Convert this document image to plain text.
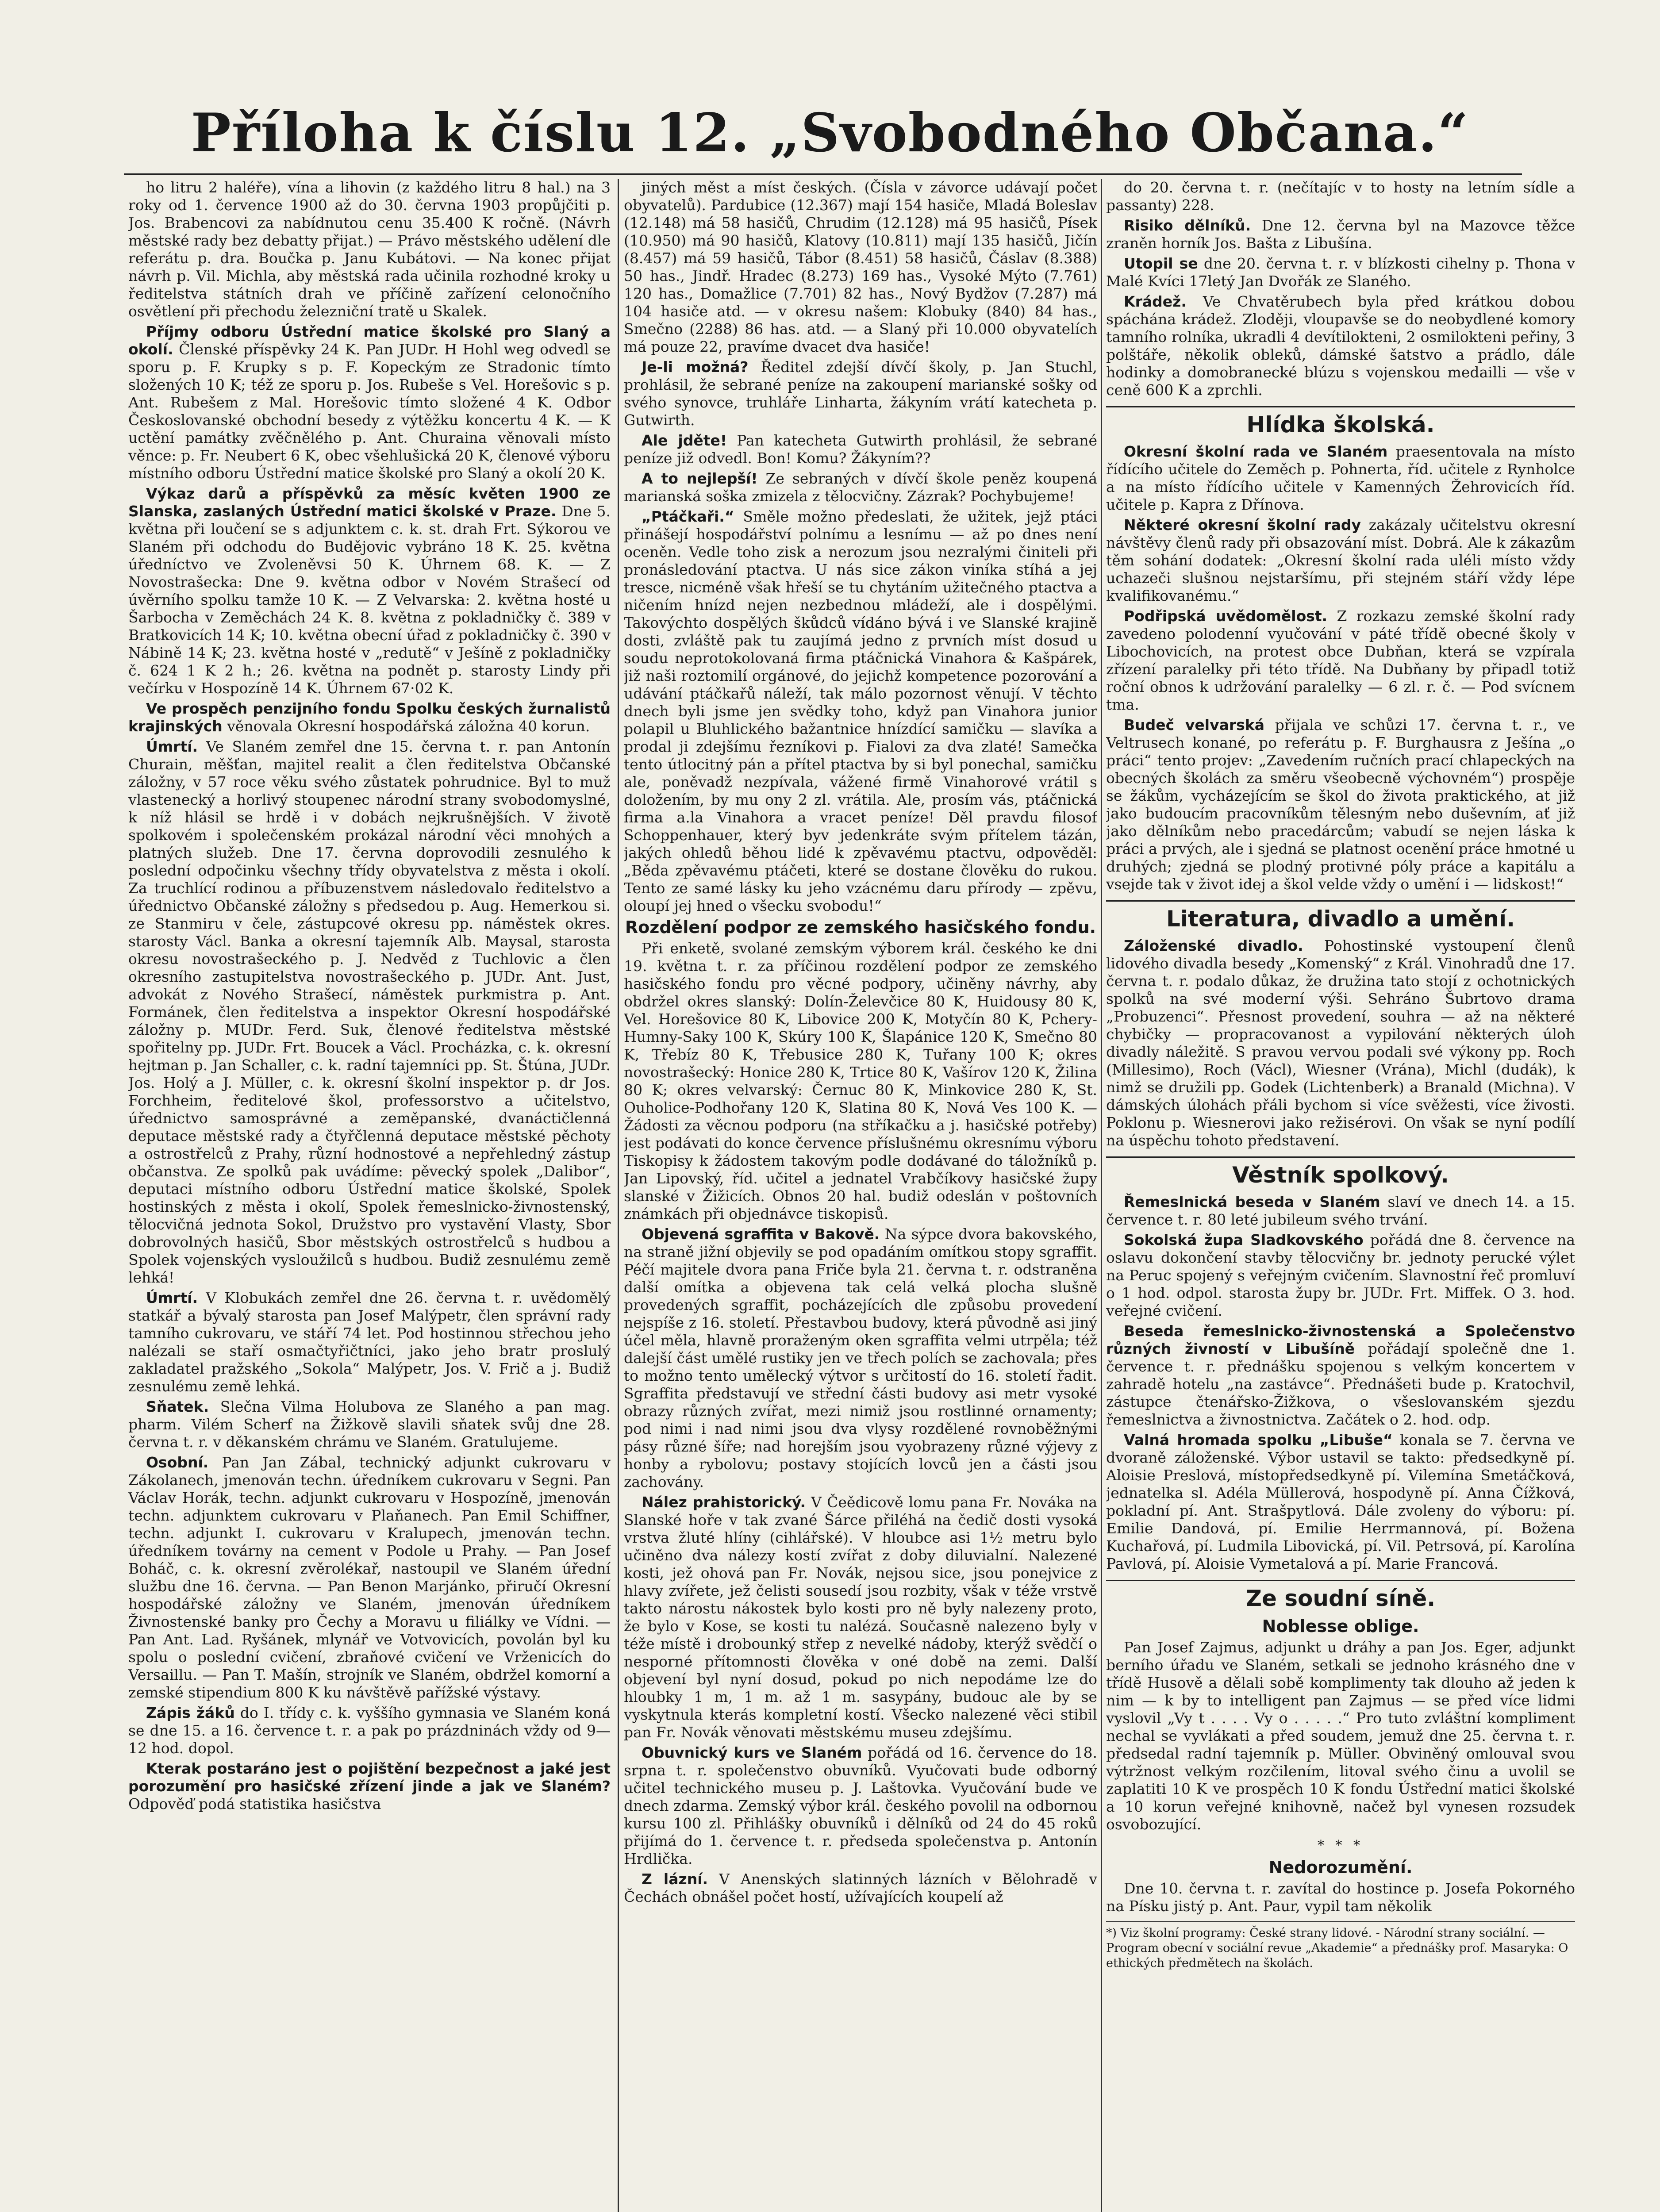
Příloha k číslu 12. „Svobodného Občana.“

ho litru 2 haléře), vína a lihovin (z každého litru 8 hal.) na 3 roky od 1. července 1900 až do 30. června 1903 propůjčiti p. Jos. Brabencovi za nabídnutou cenu 35.400 K ročně. (Návrh městské rady bez debatty přijat.) — Právo městského udělení dle referátu p. dra. Boučka p. Janu Kubátovi. — Na konec přijat návrh p. Vil. Michla, aby městská rada učinila rozhodné kroky u ředitelstva státních drah ve příčině zařízení celonočního osvětlení při přechodu železniční tratě u Skalek.

Příjmy odboru Ústřední matice školské pro Slaný a okolí. Členské příspěvky 24 K. Pan JUDr. H Hohl weg odvedl se sporu p. F. Krupky s p. F. Kopeckým ze Stradonic tímto složených 10 K; též ze sporu p. Jos. Rubeše s Vel. Horešovic s p. Ant. Rubešem z Mal. Horešovic tímto složené 4 K. Odbor Českoslovanské obchodní besedy z výtěžku koncertu 4 K. — K uctění památky zvěčnělého p. Ant. Churaina věnovali místo věnce: p. Fr. Neubert 6 K, obec všehlušická 20 K, členové výboru místního odboru Ústřední matice školské pro Slaný a okolí 20 K.

Výkaz darů a příspěvků za měsíc květen 1900 ze Slanska, zaslaných Ústřední matici školské v Praze. Dne 5. května při loučení se s adjunktem c. k. st. drah Frt. Sýkorou ve Slaném při odchodu do Budějovic vybráno 18 K. 25. května úředníctvo ve Zvoleněvsi 50 K. Úhrnem 68. K. — Z Novostrašecka: Dne 9. května odbor v Novém Strašecí od úvěrního spolku tamže 10 K. — Z Velvarska: 2. května hosté u Šarbocha v Zeměchách 24 K. 8. května z pokladničky č. 389 v Bratkovicích 14 K; 10. května obecní úřad z pokladničky č. 390 v Nábině 14 K; 23. května hosté v „redutě“ v Ješíně z pokladničky č. 624 1 K 2 h.; 26. května na podnět p. starosty Lindy při večírku v Hospozíně 14 K. Úhrnem 67·02 K.

Ve prospěch penzijního fondu Spolku českých žurnalistů krajinských věnovala Okresní hospodářská záložna 40 korun.

Úmrtí. Ve Slaném zemřel dne 15. června t. r. pan Antonín Churain, měšťan, majitel realit a člen ředitelstva Občanské záložny, v 57 roce věku svého zůstatek pohrudnice. Byl to muž vlastenecký a horlivý stoupenec národní strany svobodomyslné, k níž hlásil se hrdě i v dobách nejkrušnějších. V životě spolkovém i společenském prokázal národní věci mnohých a platných služeb. Dne 17. června doprovodili zesnulého k poslední odpočinku všechny třídy obyvatelstva z města i okolí. Za truchlící rodinou a příbuzenstvem následovalo ředitelstvo a úřednictvo Občanské záložny s předsedou p. Aug. Hemerkou si. ze Stanmiru v čele, zástupcové okresu pp. náměstek okres. starosty Václ. Banka a okresní tajemník Alb. Maysal, starosta okresu novostrašeckého p. J. Nedvěd z Tuchlovic a člen okresního zastupitelstva novostrašeckého p. JUDr. Ant. Just, advokát z Nového Strašecí, náměstek purkmistra p. Ant. Formánek, člen ředitelstva a inspektor Okresní hospodářské záložny p. MUDr. Ferd. Suk, členové ředitelstva městské spořitelny pp. JUDr. Frt. Boucek a Václ. Procházka, c. k. okresní hejtman p. Jan Schaller, c. k. radní tajemníci pp. St. Štúna, JUDr. Jos. Holý a J. Müller, c. k. okresní školní inspektor p. dr Jos. Forchheim, ředitelové škol, professorstvo a učitelstvo, úřednictvo samosprávné a zeměpanské, dvanáctičlenná deputace městské rady a čtyřčlenná deputace městské pěchoty a ostrostřelců z Prahy, různí hodnostové a nepřehledný zástup občanstva. Ze spolků pak uvádíme: pěvecký spolek „Dalibor“, deputaci místního odboru Ústřední matice školské, Spolek hostinských z města i okolí, Spolek řemeslnicko-živnostenský, tělocvičná jednota Sokol, Družstvo pro vystavění Vlasty, Sbor dobrovolných hasičů, Sbor městských ostrostřelců s hudbou a Spolek vojenských vysloužilců s hudbou. Budiž zesnulému země lehká!

Úmrtí. V Klobukách zemřel dne 26. června t. r. uvědomělý statkář a bývalý starosta pan Josef Malýpetr, člen správní rady tamního cukrovaru, ve stáří 74 let. Pod hostinnou střechou jeho nalézali se staří osmačtyřičtníci, jako jeho bratr proslulý zakladatel pražského „Sokola“ Malýpetr, Jos. V. Frič a j. Budiž zesnulému země lehká.

Sňatek. Slečna Vilma Holubova ze Slaného a pan mag. pharm. Vilém Scherf na Žižkově slavili sňatek svůj dne 28. června t. r. v děkanském chrámu ve Slaném. Gratulujeme.

Osobní. Pan Jan Zábal, technický adjunkt cukrovaru v Zákolanech, jmenován techn. úředníkem cukrovaru v Segni. Pan Václav Horák, techn. adjunkt cukrovaru v Hospozíně, jmenován techn. adjunktem cukrovaru v Plaňanech. Pan Emil Schiffner, techn. adjunkt I. cukrovaru v Kralupech, jmenován techn. úředníkem továrny na cement v Podole u Prahy. — Pan Josef Boháč, c. k. okresní zvěrolékař, nastoupil ve Slaném úřední službu dne 16. června. — Pan Benon Marjánko, přiručí Okresní hospodářské záložny ve Slaném, jmenován úředníkem Živnostenské banky pro Čechy a Moravu u filiálky ve Vídni. — Pan Ant. Lad. Ryšánek, mlynář ve Votvovicích, povolán byl ku spolu o poslední cvičení, zbraňové cvičení ve Vrženicích do Versaillu. — Pan T. Mašín, strojník ve Slaném, obdržel komorní a zemské stipendium 800 K ku návštěvě pařížské výstavy.

Zápis žáků do I. třídy c. k. vyššího gymnasia ve Slaném koná se dne 15. a 16. července t. r. a pak po prázdninách vždy od 9—12 hod. dopol.

Kterak postaráno jest o pojištění bezpečnost a jaké jest porozumění pro hasičské zřízení jinde a jak ve Slaném? Odpověď podá statistika hasičstva

jiných měst a míst českých. (Čísla v závorce udávají počet obyvatelů). Pardubice (12.367) mají 154 hasiče, Mladá Boleslav (12.148) má 58 hasičů, Chrudim (12.128) má 95 hasičů, Písek (10.950) má 90 hasičů, Klatovy (10.811) mají 135 hasičů, Jičín (8.457) má 59 hasičů, Tábor (8.451) 58 hasičů, Čáslav (8.388) 50 has., Jindř. Hradec (8.273) 169 has., Vysoké Mýto (7.761) 120 has., Domažlice (7.701) 82 has., Nový Bydžov (7.287) má 104 hasiče atd. — v okresu našem: Klobuky (840) 84 has., Smečno (2288) 86 has. atd. — a Slaný při 10.000 obyvatelích má pouze 22, pravíme dvacet dva hasiče!

Je-li možná? Ředitel zdejší dívčí školy, p. Jan Stuchl, prohlásil, že sebrané peníze na zakoupení marianské sošky od svého synovce, truhláře Linharta, žákyním vrátí katecheta p. Gutwirth.

Ale jděte! Pan katecheta Gutwirth prohlásil, že sebrané peníze již odvedl. Bon! Komu? Žákyním??

A to nejlepší! Ze sebraných v dívčí škole peněz koupená marianská soška zmizela z tělocvičny. Zázrak? Pochybujeme!

„Ptáčkaři.“ Směle možno předeslati, že užitek, jejž ptáci přinášejí hospodářství polnímu a lesnímu — až po dnes není oceněn. Vedle toho zisk a nerozum jsou nezralými činiteli při pronásledování ptactva. U nás sice zákon viníka stíhá a jej tresce, nicméně však hřeší se tu chytáním užitečného ptactva a ničením hnízd nejen nezbednou mládeží, ale i dospělými. Takovýchto dospělých škůdců vídáno bývá i ve Slanské krajině dosti, zvláště pak tu zaujímá jedno z prvních míst dosud u soudu neprotokolovaná firma ptáčnická Vinahora & Kašpárek, již naši roztomilí orgánové, do jejichž kompetence pozorování a udávání ptáčkařů náleží, tak málo pozornost věnují. V těchto dnech byli jsme jen svědky toho, když pan Vinahora junior polapil u Bluhlického bažantnice hnízdící samičku — slavíka a prodal ji zdejšímu řezníkovi p. Fialovi za dva zlaté! Samečka tento útlocitný pán a přítel ptactva by si byl ponechal, samičku ale, poněvadž nezpívala, vážené firmě Vinahorové vrátil s doložením, by mu ony 2 zl. vrátila. Ale, prosím vás, ptáčnická firma a.la Vinahora a vracet peníze! Děl pravdu filosof Schoppenhauer, který byv jedenkráte svým přítelem tázán, jakých ohledů běhou lidé k zpěvavému ptactvu, odpověděl: „Běda zpěvavému ptáčeti, které se dostane člověku do rukou. Tento ze samé lásky ku jeho vzácnému daru přírody — zpěvu, oloupí jej hned o všecku svobodu!“

Rozdělení podpor ze zemského hasičského fondu.

Při enketě, svolané zemským výborem král. českého ke dni 19. května t. r. za příčinou rozdělení podpor ze zemského hasičského fondu pro věcné podpory, učiněny návrhy, aby obdržel okres slanský: Dolín-Želevčice 80 K, Huidousy 80 K, Vel. Horešovice 80 K, Libovice 200 K, Motyčín 80 K, Pchery-Humny-Saky 100 K, Skúry 100 K, Šlapánice 120 K, Smečno 80 K, Třebíz 80 K, Třebusice 280 K, Tuřany 100 K; okres novostrašecký: Honice 280 K, Trtice 80 K, Vašírov 120 K, Žilina 80 K; okres velvarský: Černuc 80 K, Minkovice 280 K, St. Ouholice-Podhořany 120 K, Slatina 80 K, Nová Ves 100 K. — Žádosti za věcnou podporu (na stříkačku a j. hasičské potřeby) jest podávati do konce července příslušnému okresnímu výboru Tiskopisy k žádostem takovým podle dodávané do táložníků p. Jan Lipovský, říd. učitel a jednatel Vrabčíkovy hasičské župy slanské v Žižicích. Obnos 20 hal. budiž odeslán v poštovních známkách při objednávce tiskopisů.

Objevená sgraffita v Bakově. Na sýpce dvora bakovského, na straně jižní objevily se pod opadáním omítkou stopy sgraffit. Péčí majitele dvora pana Friče byla 21. června t. r. odstraněna další omítka a objevena tak celá velká plocha slušně provedených sgraffit, pocházejících dle způsobu provedení nejspíše z 16. století. Přestavbou budovy, která původně asi jiný účel měla, hlavně proraženým oken sgraffita velmi utrpěla; též dalejší část umělé rustiky jen ve třech polích se zachovala; přes to možno tento umělecký výtvor s určitostí do 16. století řadit. Sgraffita představují ve střední části budovy asi metr vysoké obrazy různých zvířat, mezi nimiž jsou rostlinné ornamenty; pod nimi i nad nimi jsou dva vlysy rozdělené rovnoběžnými pásy různé šíře; nad horejším jsou vyobrazeny různé výjevy z honby a rybolovu; postavy stojících lovců jen a části jsou zachovány.

Nález prahistorický. V Čeědicově lomu pana Fr. Nováka na Slanské hoře v tak zvané Šárce přiléhá na čedič dosti vysoká vrstva žluté hlíny (cihlářské). V hloubce asi 1½ metru bylo učiněno dva nálezy kostí zvířat z doby diluvialní. Nalezené kosti, jež ohová pan Fr. Novák, nejsou sice, jsou ponejvice z hlavy zvířete, jež čelisti sousedí jsou rozbity, však v téže vrstvě takto nárostu nákostek bylo kosti pro ně byly nalezeny proto, že bylo v Kose, se kosti tu nalézá. Současně nalezeno byly v téže místě i drobounký střep z nevelké nádoby, kterýž svědčí o nesporné přítomnosti člověka v oné době na zemi. Další objevení byl nyní dosud, pokud po nich nepodáme lze do hloubky 1 m, 1 m. až 1 m. sasypány, budouc ale by se vyskytnula kterás kompletní kostí. Všecko nalezené věci stibil pan Fr. Novák věnovati městskému museu zdejšímu.

Obuvnický kurs ve Slaném pořádá od 16. července do 18. srpna t. r. společenstvo obuvníků. Vyučovati bude odborný učitel technického museu p. J. Laštovka. Vyučování bude ve dnech zdarma. Zemský výbor král. českého povolil na odbornou kursu 100 zl. Přihlášky obuvníků i dělníků od 24 do 45 roků přijímá do 1. července t. r. předseda společenstva p. Antonín Hrdlička.

Z lázní. V Anenských slatinných lázních v Bělohradě v Čechách obnášel počet hostí, užívajících koupelí až

do 20. června t. r. (nečítajíc v to hosty na letním sídle a passanty) 228.

Risiko dělníků. Dne 12. června byl na Mazovce těžce zraněn horník Jos. Bašta z Libušína.

Utopil se dne 20. června t. r. v blízkosti cihelny p. Thona v Malé Kvíci 17letý Jan Dvořák ze Slaného.

Krádež. Ve Chvatěrubech byla před krátkou dobou spáchána krádež. Zloději, vloupavše se do neobydlené komory tamního rolníka, ukradli 4 devítilokteni, 2 osmilokteni peřiny, 3 polštáře, několik obleků, dámské šatstvo a prádlo, dále hodinky a domobranecké blúzu s vojenskou medailli — vše v ceně 600 K a zprchli.

Hlídka školská.

Okresní školní rada ve Slaném praesentovala na místo řídícího učitele do Zeměch p. Pohnerta, říd. učitele z Rynholce a na místo řídícího učitele v Kamenných Žehrovicích říd. učitele p. Kapra z Dřínova.

Některé okresní školní rady zakázaly učitelstvu okresní návštěvy členů rady při obsazování míst. Dobrá. Ale k zákazům těm sohání dodatek: „Okresní školní rada uléli místo vždy uchazeči slušnou nejstaršímu, při stejném stáří vždy lépe kvalifikovanému.“

Podřipská uvědomělost. Z rozkazu zemské školní rady zavedeno polodenní vyučování v páté třídě obecné školy v Libochovicích, na protest obce Dubňan, která se vzpírala zřízení paralelky při této třídě. Na Dubňany by připadl totiž roční obnos k udržování paralelky — 6 zl. r. č. — Pod svícnem tma.

Budeč velvarská přijala ve schůzi 17. června t. r., ve Veltrusech konané, po referátu p. F. Burghausra z Ješína „o práci“ tento projev: „Zavedením ručních prací chlapeckých na obecných školách za směru všeobecně výchovném“) prospěje se žákům, vycházejícím se škol do života praktického, at již jako budoucím pracovníkům tělesným nebo duševním, ať již jako dělníkům nebo pracedárcům; vabudí se nejen láska k práci a prvých, ale i sjedná se platnost ocenění práce hmotné u druhých; zjedná se plodný protivné póly práce a kapitálu a vsejde tak v život idej a škol velde vždy o umění i — lidskost!“

Literatura, divadlo a umění.

Záloženské divadlo. Pohostinské vystoupení členů lidového divadla besedy „Komenský“ z Král. Vinohradů dne 17. června t. r. podalo důkaz, že družina tato stojí z ochotnických spolků na své moderní výši. Sehráno Šubrtovo drama „Probuzenci“. Přesnost provedení, souhra — až na některé chybičky — propracovanost a vypilování některých úloh divadly náležitě. S pravou vervou podali své výkony pp. Roch (Millesimo), Roch (Václ), Wiesner (Vrána), Michl (dudák), k nimž se družili pp. Godek (Lichtenberk) a Branald (Michna). V dámských úlohách přáli bychom si více svěžesti, více živosti. Poklonu p. Wiesnerovi jako režisérovi. On však se nyní podílí na úspěchu tohoto představení.

Věstník spolkový.

Řemeslnická beseda v Slaném slaví ve dnech 14. a 15. července t. r. 80 leté jubileum svého trvání.

Sokolská župa Sladkovského pořádá dne 8. července na oslavu dokončení stavby tělocvičny br. jednoty perucké výlet na Peruc spojený s veřejným cvičením. Slavnostní řeč promluví o 1 hod. odpol. starosta župy br. JUDr. Frt. Miffek. O 3. hod. veřejné cvičení.

Beseda řemeslnicko-živnostenská a Společenstvo různých živností v Libušíně pořádají společně dne 1. července t. r. přednášku spojenou s velkým koncertem v zahradě hotelu „na zastávce“. Přednášeti bude p. Kratochvil, zástupce čtenářsko-Žižkova, o všeslovanském sjezdu řemeslnictva a živnostnictva. Začátek o 2. hod. odp.

Valná hromada spolku „Libuše“ konala se 7. června ve dvoraně záloženské. Výbor ustavil se takto: předsedkyně pí. Aloisie Preslová, místopředsedkyně pí. Vilemína Smetáčková, jednatelka sl. Adéla Müllerová, hospodyně pí. Anna Čížková, pokladní pí. Ant. Strašpytlová. Dále zvoleny do výboru: pí. Emilie Dandová, pí. Emilie Herrmannová, pí. Božena Kuchařová, pí. Ludmila Libovická, pí. Vil. Petrsová, pí. Karolína Pavlová, pí. Aloisie Vymetalová a pí. Marie Francová.

Ze soudní síně.
Noblesse oblige.

Pan Josef Zajmus, adjunkt u dráhy a pan Jos. Eger, adjunkt berního úřadu ve Slaném, setkali se jednoho krásného dne v třídě Husově a dělali sobě komplimenty tak dlouho až jeden k nim — k by to intelligent pan Zajmus — se před více lidmi vyslovil „Vy t . . . . Vy o . . . . .“ Pro tuto zvláštní kompliment nechal se vyvlákati a před soudem, jemuž dne 25. června t. r. předsedal radní tajemník p. Müller. Obviněný omlouval svou výtržnost velkým rozčilením, litoval svého činu a uvolil se zaplatiti 10 K ve prospěch 10 K fondu Ústřední matici školské a 10 korun veřejné knihovně, načež byl vynesen rozsudek osvobozující.

* * *
Nedorozumění.

Dne 10. června t. r. zavítal do hostince p. Josefa Pokorného na Písku jistý p. Ant. Paur, vypil tam několik

*) Viz školní programy: České strany lidové. - Národní strany sociální. — Program obecní v sociální revue „Akademie“ a přednášky prof. Masaryka: O ethických předmětech na školách.
